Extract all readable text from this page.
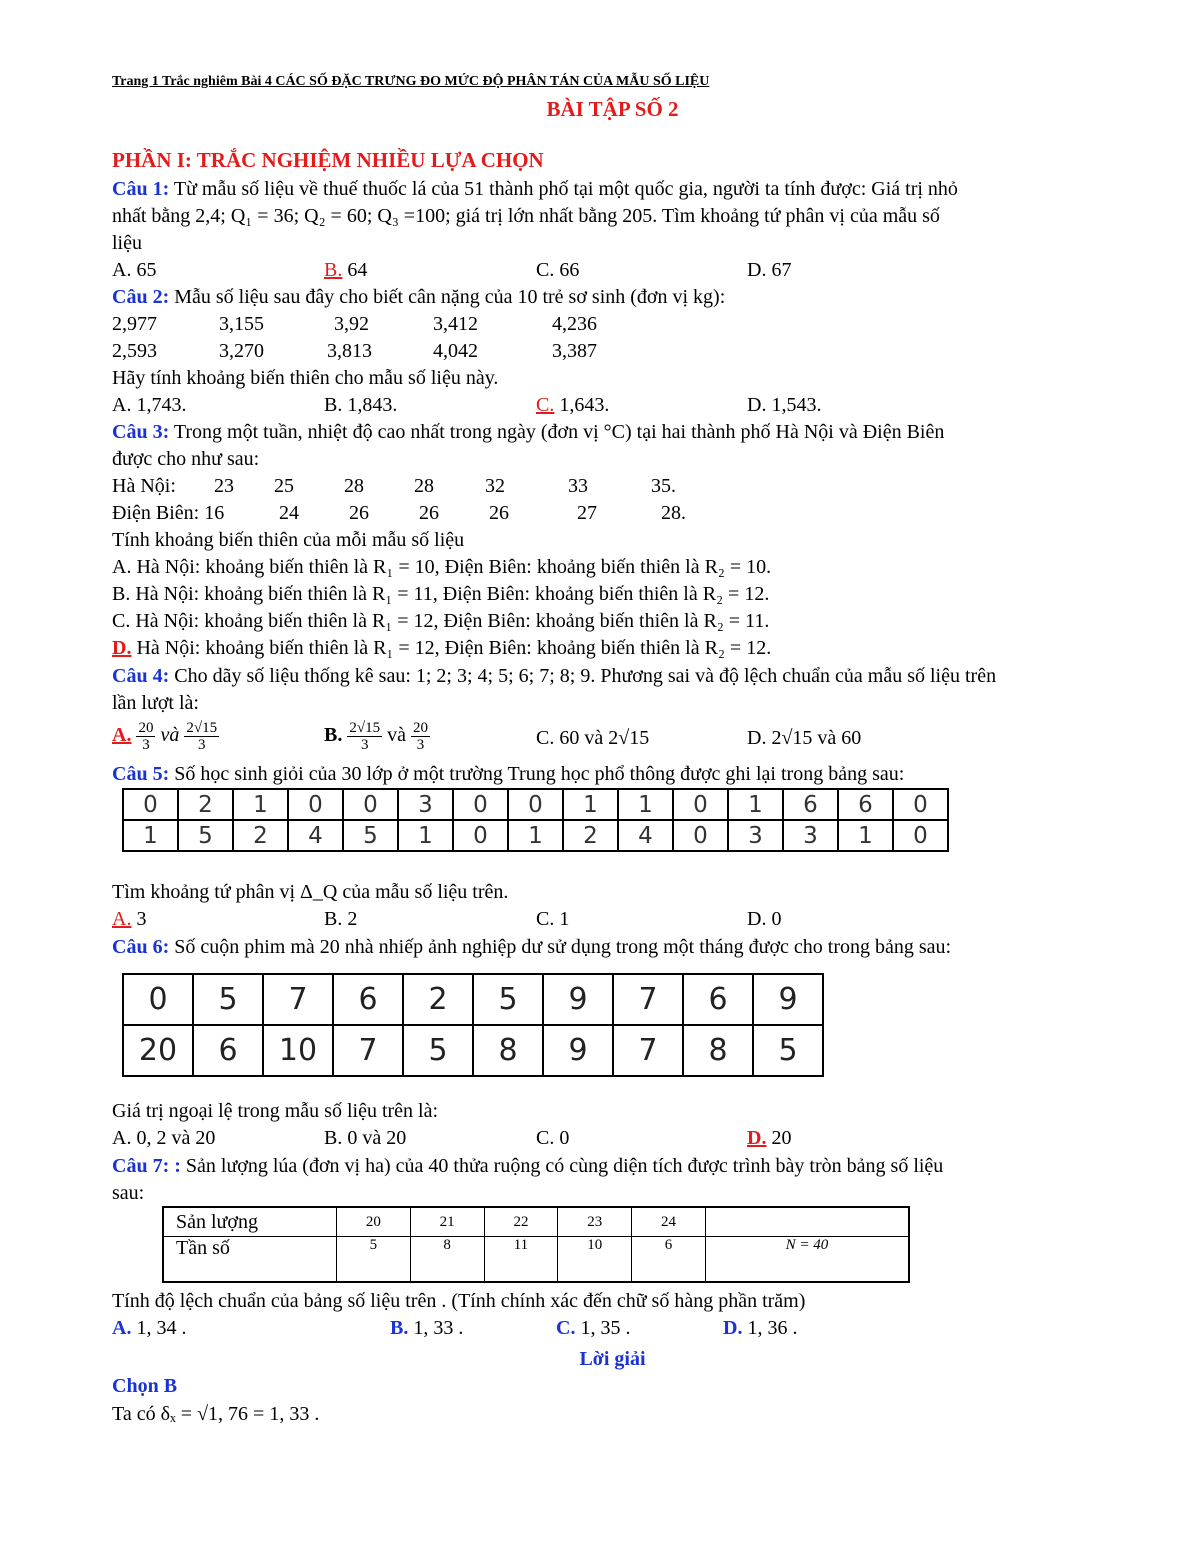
Trang 1 Trắc nghiêm Bài 4 CÁC SỐ ĐẶC TRƯNG ĐO MỨC ĐỘ PHÂN TÁN CỦA MẪU SỐ LIỆU
BÀI TẬP SỐ 2
PHẦN I: TRẮC NGHIỆM NHIỀU LỰA CHỌN
Câu 1: Từ mẫu số liệu về thuế thuốc lá của 51 thành phố tại một quốc gia, người ta tính được: Giá trị nhỏ
nhất bằng 2,4; Q₁ = 36; Q₂ = 60; Q₃ =100; giá trị lớn nhất bằng 205. Tìm khoảng tứ phân vị của mẫu số
liệu
A. 65	B. 64	C. 66	D. 67
Câu 2: Mẫu số liệu sau đây cho biết cân nặng của 10 trẻ sơ sinh (đơn vị kg):
2,977	3,155	3,92	3,412	4,236
2,593	3,270	3,813	4,042	3,387
Hãy tính khoảng biến thiên cho mẫu số liệu này.
A. 1,743.	B. 1,843.	C. 1,643.	D. 1,543.
Câu 3: Trong một tuần, nhiệt độ cao nhất trong ngày (đơn vị °C) tại hai thành phố Hà Nội và Điện Biên
được cho như sau:
Hà Nội: 23 25	28	28	32	33	35.
Điện Biên: 16	24	26	26	26	27	28.
Tính khoảng biến thiên của mỗi mẫu số liệu
A. Hà Nội: khoảng biến thiên là R₁ = 10, Điện Biên: khoảng biến thiên là R₂ = 10.
B. Hà Nội: khoảng biến thiên là R₁ = 11, Điện Biên: khoảng biến thiên là R₂ = 12.
C. Hà Nội: khoảng biến thiên là R₁ = 12, Điện Biên: khoảng biến thiên là R₂ = 11.
D. Hà Nội: khoảng biến thiên là R₁ = 12, Điện Biên: khoảng biến thiên là R₂ = 12.
Câu 4: Cho dãy số liệu thống kê sau: 1; 2; 3; 4; 5; 6; 7; 8; 9. Phương sai và độ lệch chuẩn của mẫu số liệu trên
lần lượt là:
A. $\frac{20}{3}$ và $\frac{2√15}{3}$	B. $\frac{2√15}{3}$ và $\frac{20}{3}$	C. 60 và 2√15	D. 2√15 và 60
Câu 5: Số học sinh giỏi của 30 lớp ở một trường Trung học phổ thông được ghi lại trong bảng sau:
0	2	1	0	0	3	0	0	1	1	0	1	6	6	0
1	5	2	4	5	1	0	1	2	4	0	3	3	1	0
Tìm khoảng tứ phân vị Δ_Q của mẫu số liệu trên.
A. 3	B. 2	C. 1	D. 0
Câu 6: Số cuộn phim mà 20 nhà nhiếp ảnh nghiệp dư sử dụng trong một tháng được cho trong bảng sau:
0	5	7	6	2	5	9	7	6	9
20	6	10	7	5	8	9	7	8	5
Giá trị ngoại lệ trong mẫu số liệu trên là:
A. 0, 2 và 20	B. 0 và 20	C. 0	D. 20
Câu 7: : Sản lượng lúa (đơn vị ha) của 40 thửa ruộng có cùng diện tích được trình bày tròn bảng số liệu
sau:
Sản lượng	20	21	22	23	24	
Tần số	5	8	11	10	6	N = 40
Tính độ lệch chuẩn của bảng số liệu trên . (Tính chính xác đến chữ số hàng phần trăm)
A. 1, 34 .	B. 1, 33 .	C. 1, 35 .	D. 1, 36 .
Lời giải
Chọn B
Ta có δₓ = √1, 76 = 1, 33 .
